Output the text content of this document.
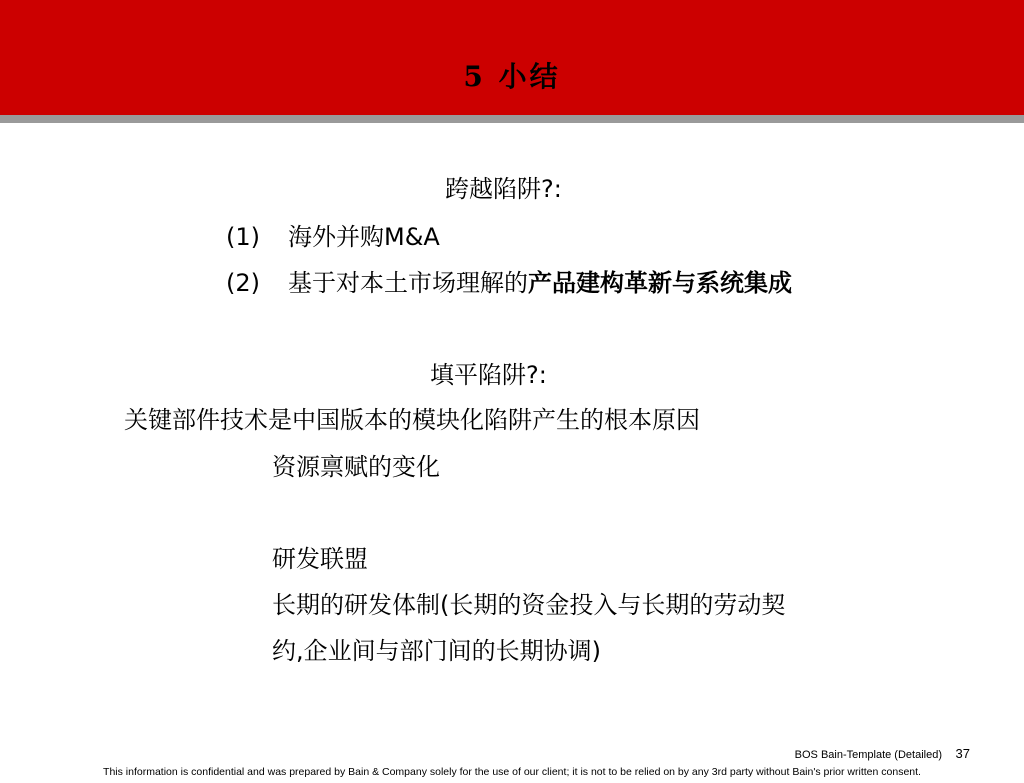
5 小结

跨越陷阱?:

(1) 海外并购M&A

(2) 基于对本土市场理解的产品建构革新与系统集成

填平陷阱?:

关键部件技术是中国版本的模块化陷阱产生的根本原因

资源禀赋的变化

研发联盟

长期的研发体制(长期的资金投入与长期的劳动契

约,企业间与部门间的长期协调)

BOS Bain-Template (Detailed)	37
This information is confidential and was prepared by Bain & Company solely for the use of our client; it is not to be relied on by any 3rd party without Bain's prior written consent.
